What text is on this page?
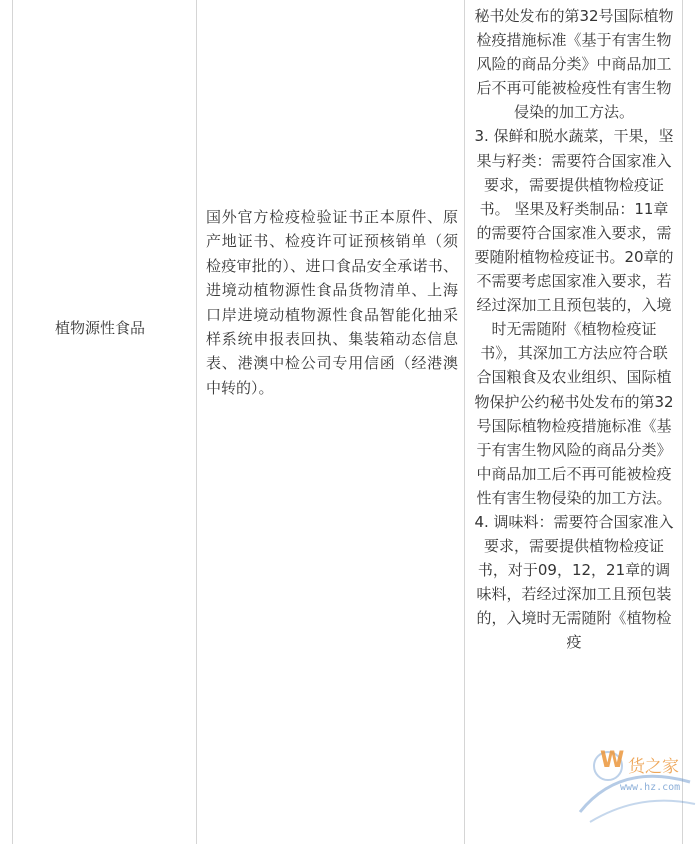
植物源性食品
国外官方检疫检验证书正本原件、原产地证书、检疫许可证预核销单（须检疫审批的）、进口食品安全承诺书、进境动植物源性食品货物清单、上海口岸进境动植物源性食品智能化抽采样系统申报表回执、集装箱动态信息表、港澳中检公司专用信函（经港澳中转的）。

秘书处发布的第32号国际植物检疫措施标准《基于有害生物风险的商品分类》中商品加工后不再可能被检疫性有害生物侵染的加工方法。

3. 保鲜和脱水蔬菜，干果，坚果与籽类：需要符合国家准入要求，需要提供植物检疫证书。 坚果及籽类制品：11章的需要符合国家准入要求，需要随附植物检疫证书。20章的不需要考虑国家准入要求，若经过深加工且预包装的，入境时无需随附《植物检疫证书》，其深加工方法应符合联合国粮食及农业组织、国际植物保护公约秘书处发布的第32号国际植物检疫措施标准《基于有害生物风险的商品分类》中商品加工后不再可能被检疫性有害生物侵染的加工方法。

4. 调味料：需要符合国家准入要求，需要提供植物检疫证书，对于09，12，21章的调味料，若经过深加工且预包装的，入境时无需随附《植物检疫

W 货之家
www.hz.com
